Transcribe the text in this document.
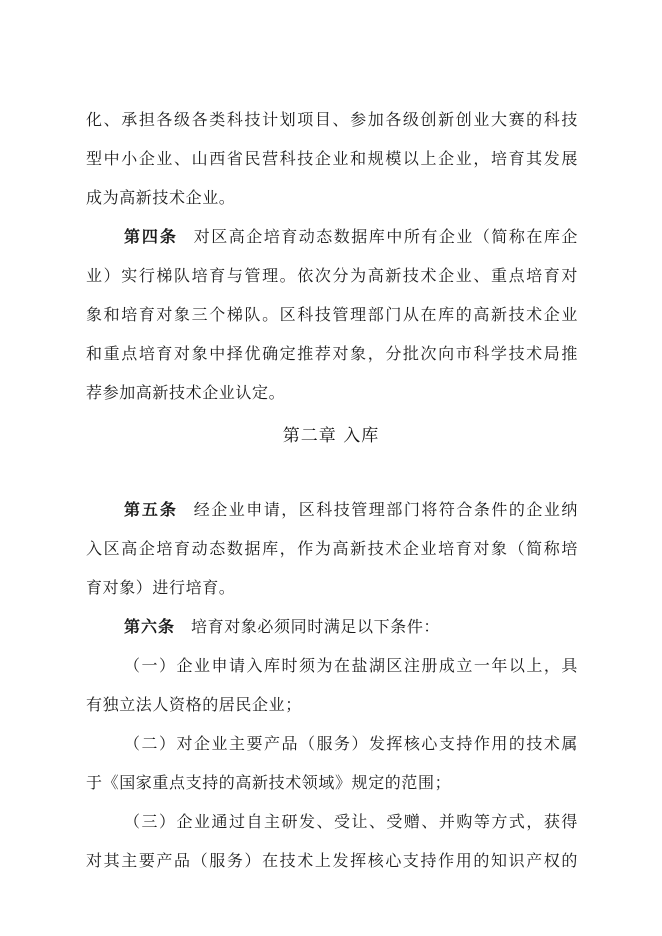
化、承担各级各类科技计划项目、参加各级创新创业大赛的科技
型中小企业、山西省民营科技企业和规模以上企业，培育其发展
成为高新技术企业。
第四条 对区高企培育动态数据库中所有企业（简称在库企
业）实行梯队培育与管理。依次分为高新技术企业、重点培育对
象和培育对象三个梯队。区科技管理部门从在库的高新技术企业
和重点培育对象中择优确定推荐对象，分批次向市科学技术局推
荐参加高新技术企业认定。
第二章 入库
第五条 经企业申请，区科技管理部门将符合条件的企业纳
入区高企培育动态数据库，作为高新技术企业培育对象（简称培
育对象）进行培育。
第六条 培育对象必须同时满足以下条件：
（一）企业申请入库时须为在盐湖区注册成立一年以上，具
有独立法人资格的居民企业；
（二）对企业主要产品（服务）发挥核心支持作用的技术属
于《国家重点支持的高新技术领域》规定的范围；
（三）企业通过自主研发、受让、受赠、并购等方式，获得
对其主要产品（服务）在技术上发挥核心支持作用的知识产权的
